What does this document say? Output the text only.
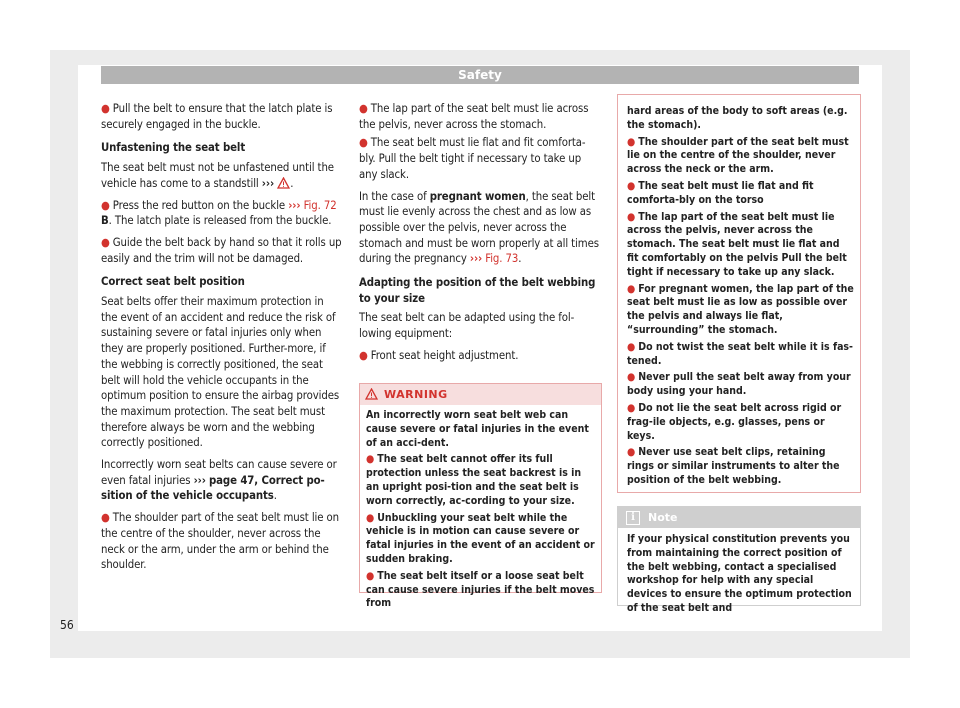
Safety

● Pull the belt to ensure that the latch plate is securely engaged in the buckle.

Unfastening the seat belt
The seat belt must not be unfastened until the vehicle has come to a standstill ››› .

● Press the red button on the buckle ››› Fig. 72 B. The latch plate is released from the buckle.

● Guide the belt back by hand so that it rolls up easily and the trim will not be damaged.

Correct seat belt position
Seat belts offer their maximum protection in the event of an accident and reduce the risk of sustaining severe or fatal injuries only when they are properly positioned. Further-more, if the webbing is correctly positioned, the seat belt will hold the vehicle occupants in the optimum position to ensure the airbag provides the maximum protection. The seat belt must therefore always be worn and the webbing correctly positioned.

Incorrectly worn seat belts can cause severe or even fatal injuries ››› page 47, Correct po-sition of the vehicle occupants.

● The shoulder part of the seat belt must lie on the centre of the shoulder, never across the neck or the arm, under the arm or behind the shoulder.

● The lap part of the seat belt must lie across the pelvis, never across the stomach.

● The seat belt must lie flat and fit comforta-bly. Pull the belt tight if necessary to take up any slack.

In the case of pregnant women, the seat belt must lie evenly across the chest and as low as possible over the pelvis, never across the stomach and must be worn properly at all times during the pregnancy ››› Fig. 73.

Adapting the position of the belt webbing to your size
The seat belt can be adapted using the fol-lowing equipment:

● Front seat height adjustment.

WARNING

An incorrectly worn seat belt web can cause severe or fatal injuries in the event of an acci-dent.

● The seat belt cannot offer its full protection unless the seat backrest is in an upright posi-tion and the seat belt is worn correctly, ac-cording to your size.

● Unbuckling your seat belt while the vehicle is in motion can cause severe or fatal injuries in the event of an accident or sudden braking.

● The seat belt itself or a loose seat belt can cause severe injuries if the belt moves from

hard areas of the body to soft areas (e.g. the stomach).

● The shoulder part of the seat belt must lie on the centre of the shoulder, never across the neck or the arm.

● The seat belt must lie flat and fit comforta-bly on the torso

● The lap part of the seat belt must lie across the pelvis, never across the stomach. The seat belt must lie flat and fit comfortably on the pelvis Pull the belt tight if necessary to take up any slack.

● For pregnant women, the lap part of the seat belt must lie as low as possible over the pelvis and always lie flat, “surrounding” the stomach.

● Do not twist the seat belt while it is fas-tened.

● Never pull the seat belt away from your body using your hand.

● Do not lie the seat belt across rigid or frag-ile objects, e.g. glasses, pens or keys.

● Never use seat belt clips, retaining rings or similar instruments to alter the position of the belt webbing.

i	Note
If your physical constitution prevents you from maintaining the correct position of the belt webbing, contact a specialised workshop for help with any special devices to ensure the optimum protection of the seat belt and
56
